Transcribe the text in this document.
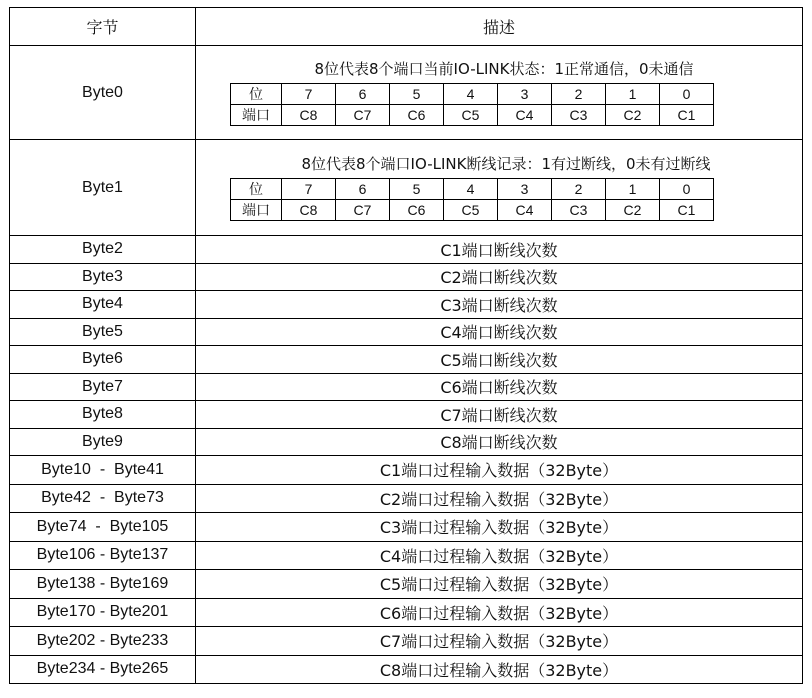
字节	描述
Byte0	
8位代表8个端口当前IO-LINK状态：1正常通信，0未通信
位	7	6	5	4	3	2	1	0
端口	C8	C7	C6	C5	C4	C3	C2	C1

Byte1	
8位代表8个端口IO-LINK断线记录：1有过断线，0未有过断线
位	7	6	5	4	3	2	1	0
端口	C8	C7	C6	C5	C4	C3	C2	C1

Byte2	C1端口断线次数
Byte3	C2端口断线次数
Byte4	C3端口断线次数
Byte5	C4端口断线次数
Byte6	C5端口断线次数
Byte7	C6端口断线次数
Byte8	C7端口断线次数
Byte9	C8端口断线次数
Byte10  -  Byte41	C1端口过程输入数据（32Byte）
Byte42  -  Byte73	C2端口过程输入数据（32Byte）
Byte74  -  Byte105	C3端口过程输入数据（32Byte）
Byte106 - Byte137	C4端口过程输入数据（32Byte）
Byte138 - Byte169	C5端口过程输入数据（32Byte）
Byte170 - Byte201	C6端口过程输入数据（32Byte）
Byte202 - Byte233	C7端口过程输入数据（32Byte）
Byte234 - Byte265	C8端口过程输入数据（32Byte）
